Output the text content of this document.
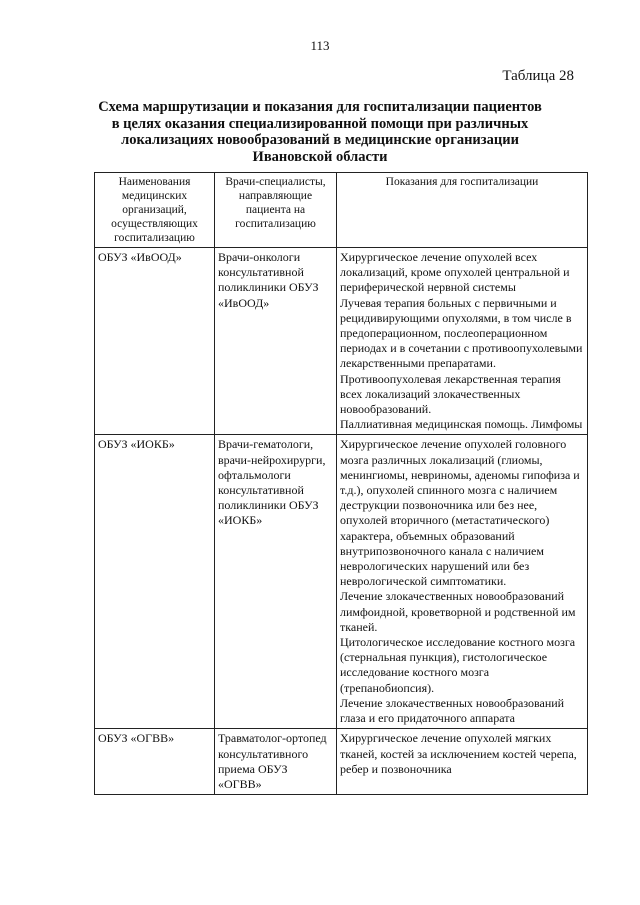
113
Таблица 28
Схема маршрутизации и показания для госпитализации пациентов
в целях оказания специализированной помощи при различных
локализациях новообразований в медицинские организации
Ивановской области
Наименования медицинских организаций, осуществляющих госпитализацию	Врачи-специалисты, направляющие пациента на госпитализацию	Показания для госпитализации
ОБУЗ «ИвООД»	Врачи-онкологи консультативной поликлиники ОБУЗ «ИвООД»	Хирургическое лечение опухолей всех локализаций, кроме опухолей центральной и периферической нервной системы
Лучевая терапия больных с первичными и рецидивирующими опухолями, в том числе в предоперационном, послеоперационном периодах и в сочетании с противоопухолевыми лекарственными препаратами.
Противоопухолевая лекарственная терапия всех локализаций злокачественных новообразований.
Паллиативная медицинская помощь. Лимфомы

ОБУЗ «ИОКБ»	Врачи-гематологи, врачи-нейрохирурги, офтальмологи консультативной поликлиники ОБУЗ «ИОКБ»	Хирургическое лечение опухолей головного мозга различных локализаций (глиомы, менингиомы, невриномы, аденомы гипофиза и т.д.), опухолей спинного мозга с наличием деструкции позвоночника или без нее, опухолей вторичного (метастатического) характера, объемных образований внутрипозвоночного канала с наличием неврологических нарушений или без неврологической симптоматики.
Лечение злокачественных новообразований лимфоидной, кроветворной и родственной им тканей.
Цитологическое исследование костного мозга (стернальная пункция), гистологическое исследование костного мозга (трепанобиопсия).
Лечение злокачественных новообразований глаза и его придаточного аппарата

ОБУЗ «ОГВВ»	Травматолог-ортопед консультативного приема ОБУЗ «ОГВВ»	Хирургическое лечение опухолей мягких тканей, костей за исключением костей черепа, ребер и позвоночника
